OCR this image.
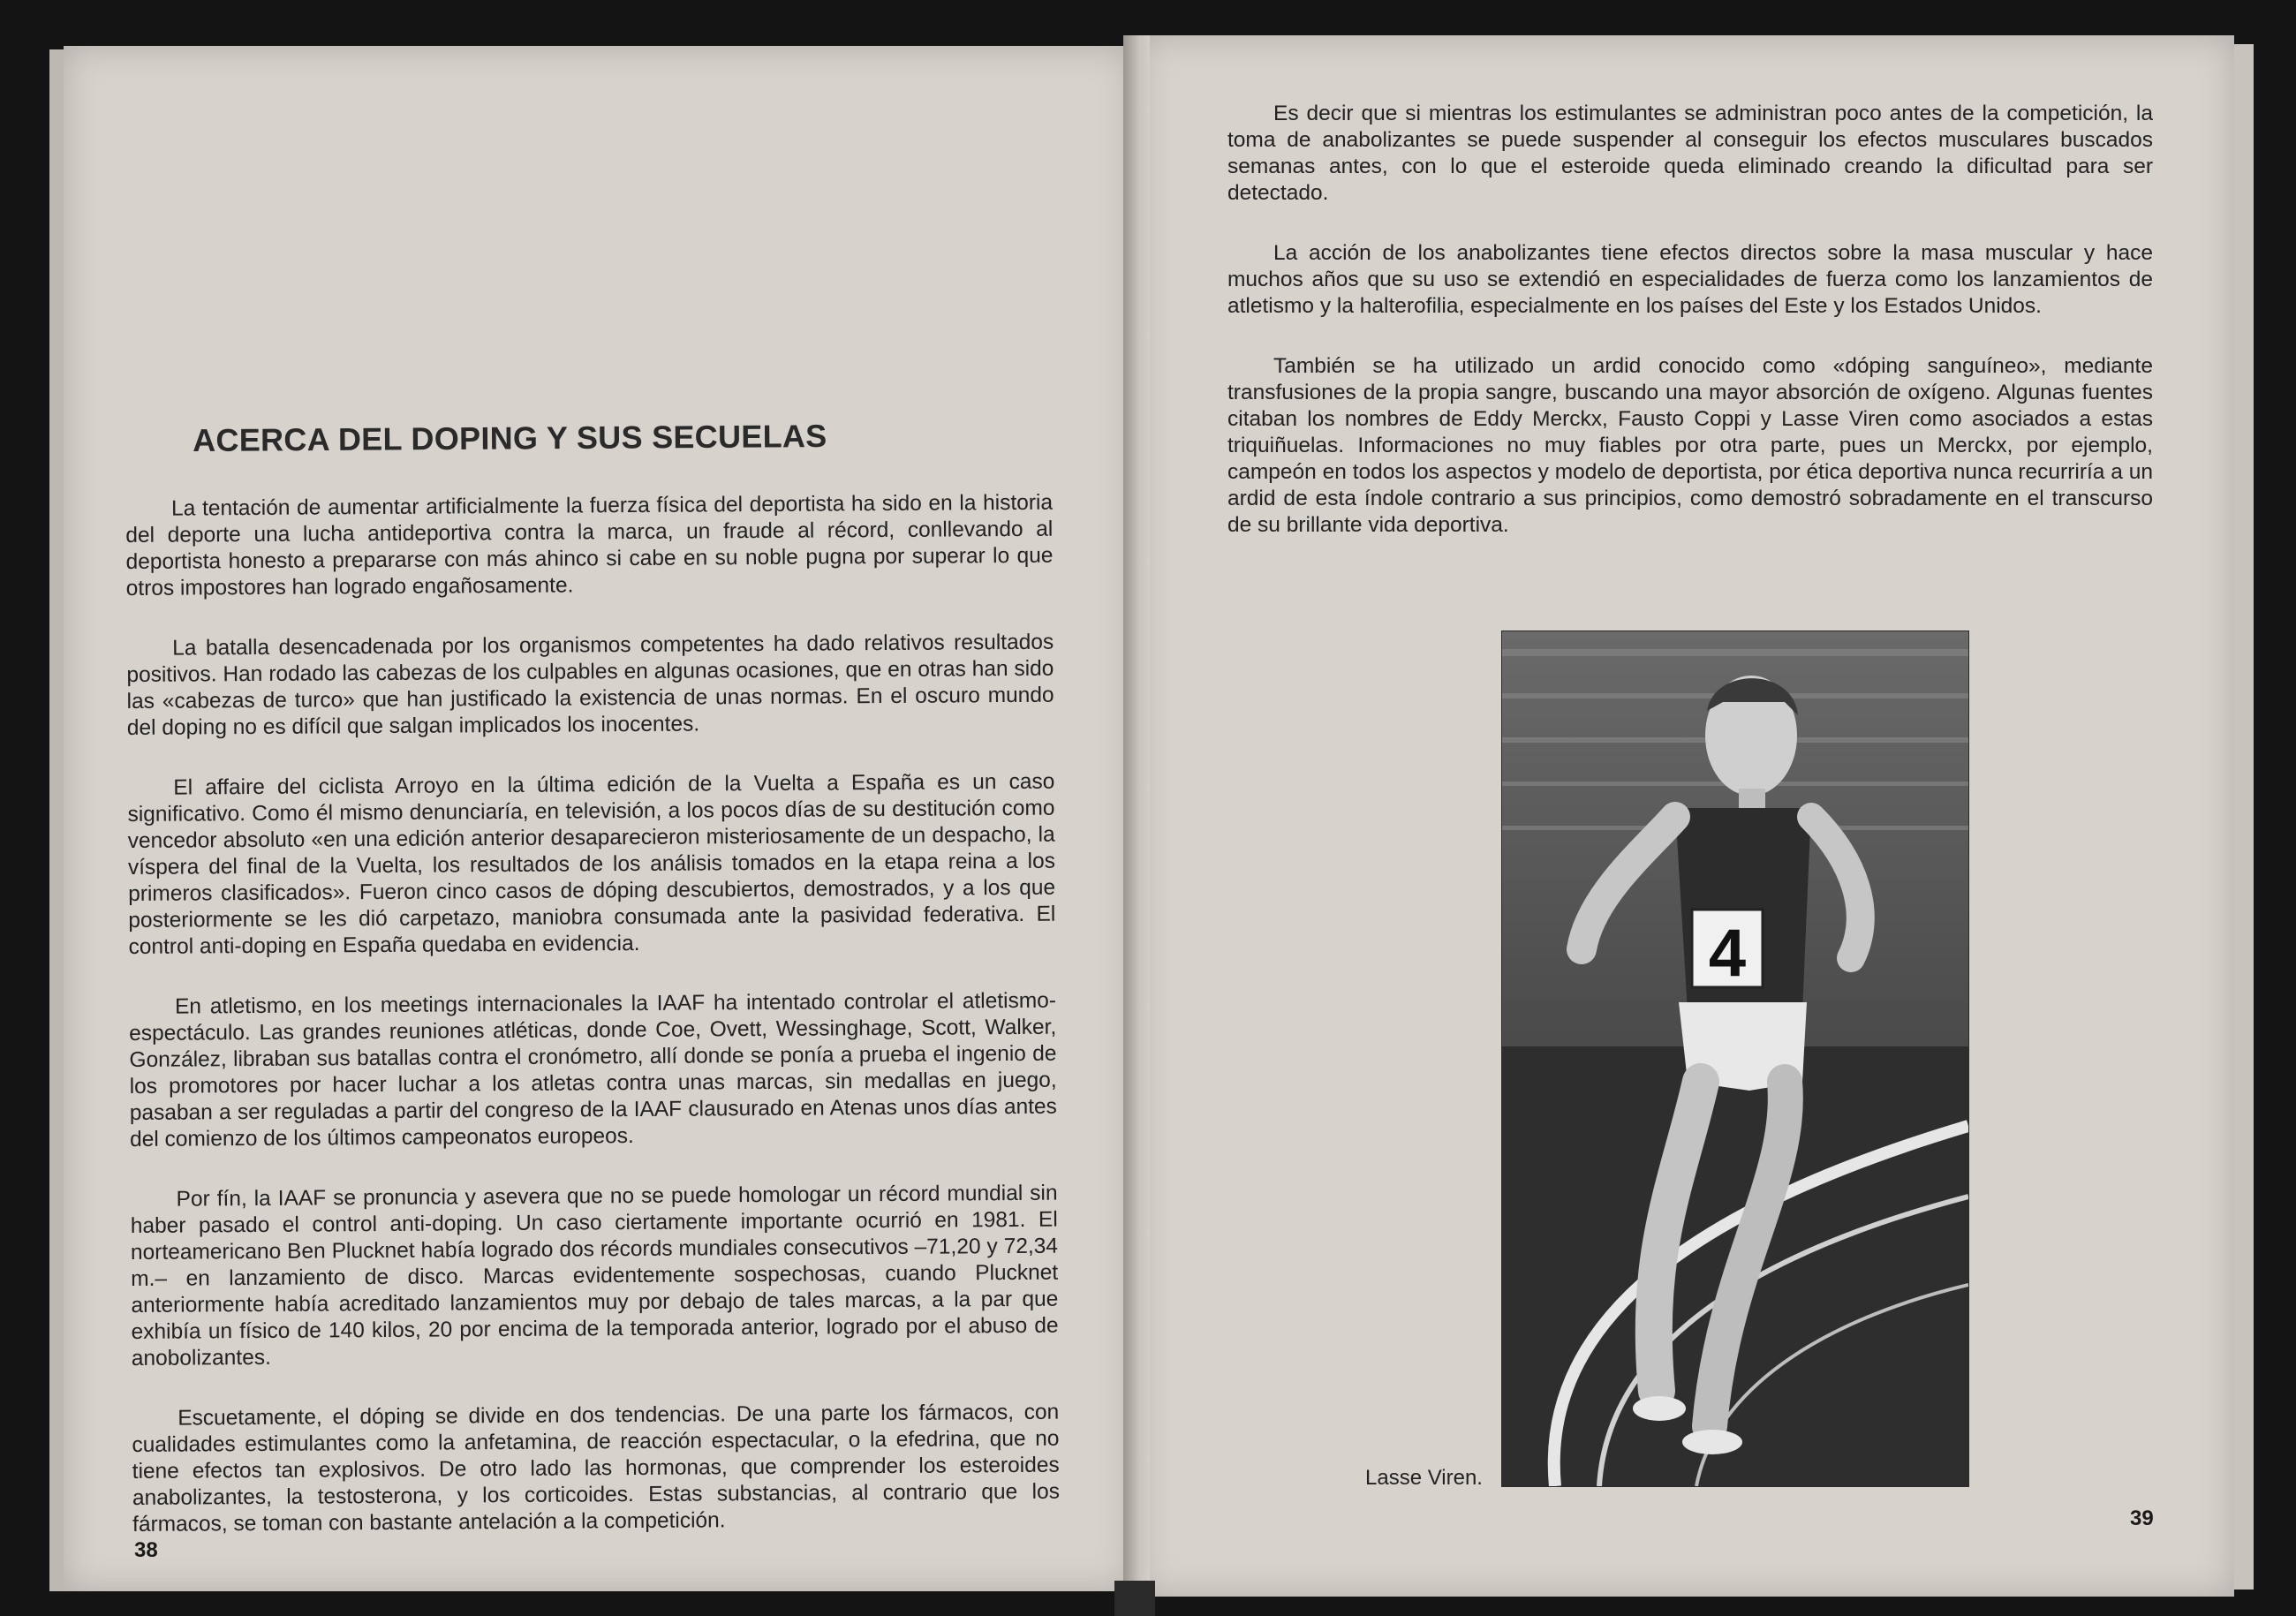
ACERCA DEL DOPING Y SUS SECUELAS

La tentación de aumentar artificialmente la fuerza física del deportista ha sido en la historia del deporte una lucha antideportiva contra la marca, un fraude al récord, conllevando al deportista honesto a prepararse con más ahinco si cabe en su noble pugna por superar lo que otros impostores han logrado engañosamente.

La batalla desencadenada por los organismos competentes ha dado relativos resultados positivos. Han rodado las cabezas de los culpables en algunas ocasiones, que en otras han sido las «cabezas de turco» que han justificado la existencia de unas normas. En el oscuro mundo del doping no es difícil que salgan implicados los inocentes.

El affaire del ciclista Arroyo en la última edición de la Vuelta a España es un caso significativo. Como él mismo denunciaría, en televisión, a los pocos días de su destitución como vencedor absoluto «en una edición anterior desaparecieron misteriosamente de un despacho, la víspera del final de la Vuelta, los resultados de los análisis tomados en la etapa reina a los primeros clasificados». Fueron cinco casos de dóping descubiertos, demostrados, y a los que posteriormente se les dió carpetazo, maniobra consumada ante la pasividad federativa. El control anti-doping en España quedaba en evidencia.

En atletismo, en los meetings internacionales la IAAF ha intentado controlar el atletismo-espectáculo. Las grandes reuniones atléticas, donde Coe, Ovett, Wessinghage, Scott, Walker, González, libraban sus batallas contra el cronómetro, allí donde se ponía a prueba el ingenio de los promotores por hacer luchar a los atletas contra unas marcas, sin medallas en juego, pasaban a ser reguladas a partir del congreso de la IAAF clausurado en Atenas unos días antes del comienzo de los últimos campeonatos europeos.

Por fín, la IAAF se pronuncia y asevera que no se puede homologar un récord mundial sin haber pasado el control anti-doping. Un caso ciertamente importante ocurrió en 1981. El norteamericano Ben Plucknet había logrado dos récords mundiales consecutivos –71,20 y 72,34 m.– en lanzamiento de disco. Marcas evidentemente sospechosas, cuando Plucknet anteriormente había acreditado lanzamientos muy por debajo de tales marcas, a la par que exhibía un físico de 140 kilos, 20 por encima de la temporada anterior, logrado por el abuso de anobolizantes.

Escuetamente, el dóping se divide en dos tendencias. De una parte los fármacos, con cualidades estimulantes como la anfetamina, de reacción espectacular, o la efedrina, que no tiene efectos tan explosivos. De otro lado las hormonas, que comprender los esteroides anabolizantes, la testosterona, y los corticoides. Estas substancias, al contrario que los fármacos, se toman con bastante antelación a la competición.

38

Es decir que si mientras los estimulantes se administran poco antes de la competición, la toma de anabolizantes se puede suspender al conseguir los efectos musculares buscados semanas antes, con lo que el esteroide queda eliminado creando la dificultad para ser detectado.

La acción de los anabolizantes tiene efectos directos sobre la masa muscular y hace muchos años que su uso se extendió en especialidades de fuerza como los lanzamientos de atletismo y la halterofilia, especialmente en los países del Este y los Estados Unidos.

También se ha utilizado un ardid conocido como «dóping sanguíneo», mediante transfusiones de la propia sangre, buscando una mayor absorción de oxígeno. Algunas fuentes citaban los nombres de Eddy Merckx, Fausto Coppi y Lasse Viren como asociados a estas triquiñuelas. Informaciones no muy fiables por otra parte, pues un Merckx, por ejemplo, campeón en todos los aspectos y modelo de deportista, por ética deportiva nunca recurriría a un ardid de esta índole contrario a sus principios, como demostró sobradamente en el transcurso de su brillante vida deportiva.

4
Lasse Viren.
39
